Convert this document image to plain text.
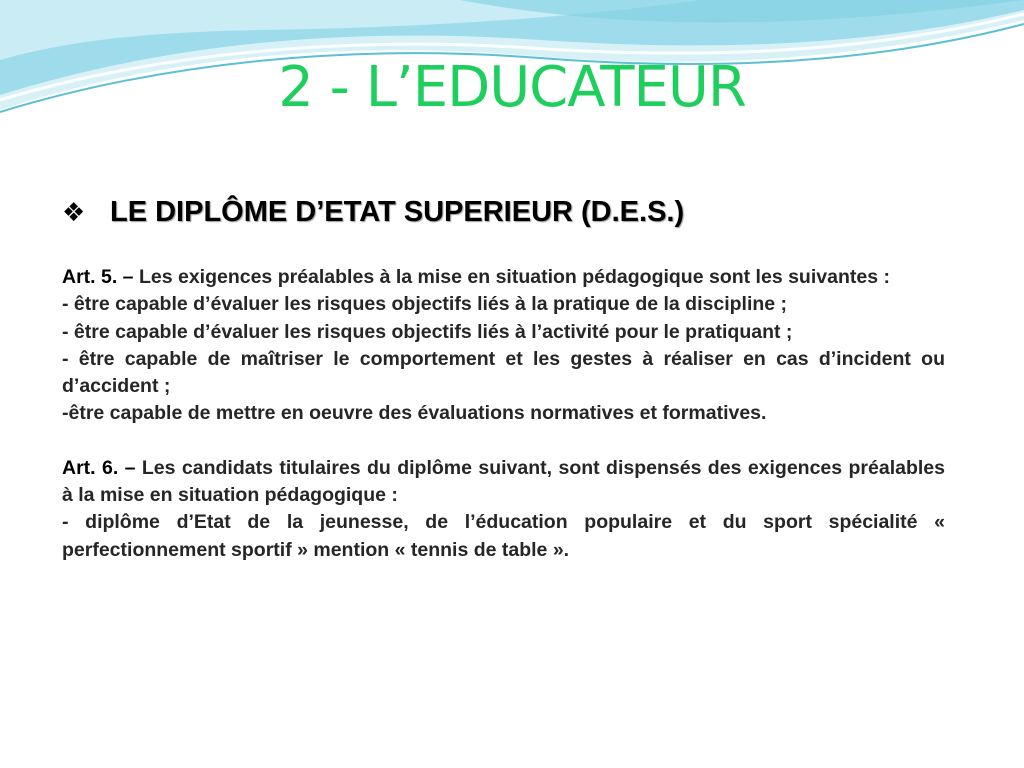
2 - L’EDUCATEUR
❖ LE DIPLÔME D’ETAT SUPERIEUR (D.E.S.)

Art. 5. – Les exigences préalables à la mise en situation pédagogique sont les suivantes :

- être capable d’évaluer les risques objectifs liés à la pratique de la discipline ;

- être capable d’évaluer les risques objectifs liés à l’activité pour le pratiquant ;

- être capable de maîtriser le comportement et les gestes à réaliser en cas d’incident ou d’accident ;

-être capable de mettre en oeuvre des évaluations normatives et formatives.

Art. 6. – Les candidats titulaires du diplôme suivant, sont dispensés des exigences préalables à la mise en situation pédagogique :

- diplôme d’Etat de la jeunesse, de l’éducation populaire et du sport spécialité « perfectionnement sportif » mention « tennis de table ».
